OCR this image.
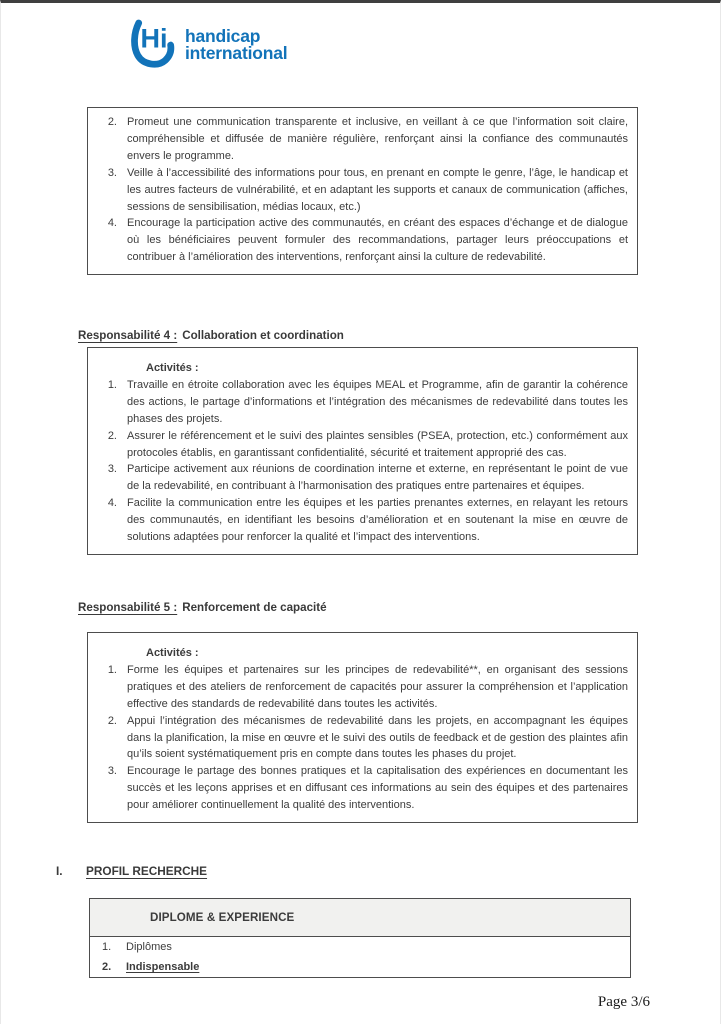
Hi handicap
international
2. Promeut une communication transparente et inclusive, en veillant à ce que l’information soit claire, compréhensible et diffusée de manière régulière, renforçant ainsi la confiance des communautés envers le programme.
3. Veille à l’accessibilité des informations pour tous, en prenant en compte le genre, l’âge, le handicap et les autres facteurs de vulnérabilité, et en adaptant les supports et canaux de communication (affiches, sessions de sensibilisation, médias locaux, etc.)
4. Encourage la participation active des communautés, en créant des espaces d’échange et de dialogue où les bénéficiaires peuvent formuler des recommandations, partager leurs préoccupations et contribuer à l’amélioration des interventions, renforçant ainsi la culture de redevabilité.
Responsabilité 4 : Collaboration et coordination
Activités :
1. Travaille en étroite collaboration avec les équipes MEAL et Programme, afin de garantir la cohérence des actions, le partage d’informations et l’intégration des mécanismes de redevabilité dans toutes les phases des projets.
2. Assurer le référencement et le suivi des plaintes sensibles (PSEA, protection, etc.) conformément aux protocoles établis, en garantissant confidentialité, sécurité et traitement approprié des cas.
3. Participe activement aux réunions de coordination interne et externe, en représentant le point de vue de la redevabilité, en contribuant à l’harmonisation des pratiques entre partenaires et équipes.
4. Facilite la communication entre les équipes et les parties prenantes externes, en relayant les retours des communautés, en identifiant les besoins d’amélioration et en soutenant la mise en œuvre de solutions adaptées pour renforcer la qualité et l’impact des interventions.
Responsabilité 5 : Renforcement de capacité
Activités :
1. Forme les équipes et partenaires sur les principes de redevabilité**, en organisant des sessions pratiques et des ateliers de renforcement de capacités pour assurer la compréhension et l’application effective des standards de redevabilité dans toutes les activités.
2. Appui l’intégration des mécanismes de redevabilité dans les projets, en accompagnant les équipes dans la planification, la mise en œuvre et le suivi des outils de feedback et de gestion des plaintes afin qu’ils soient systématiquement pris en compte dans toutes les phases du projet.
3. Encourage le partage des bonnes pratiques et la capitalisation des expériences en documentant les succès et les leçons apprises et en diffusant ces informations au sein des équipes et des partenaires pour améliorer continuellement la qualité des interventions.
I. PROFIL RECHERCHE
DIPLOME & EXPERIENCE
1.	Diplômes
2.	Indispensable
Page 3/6
